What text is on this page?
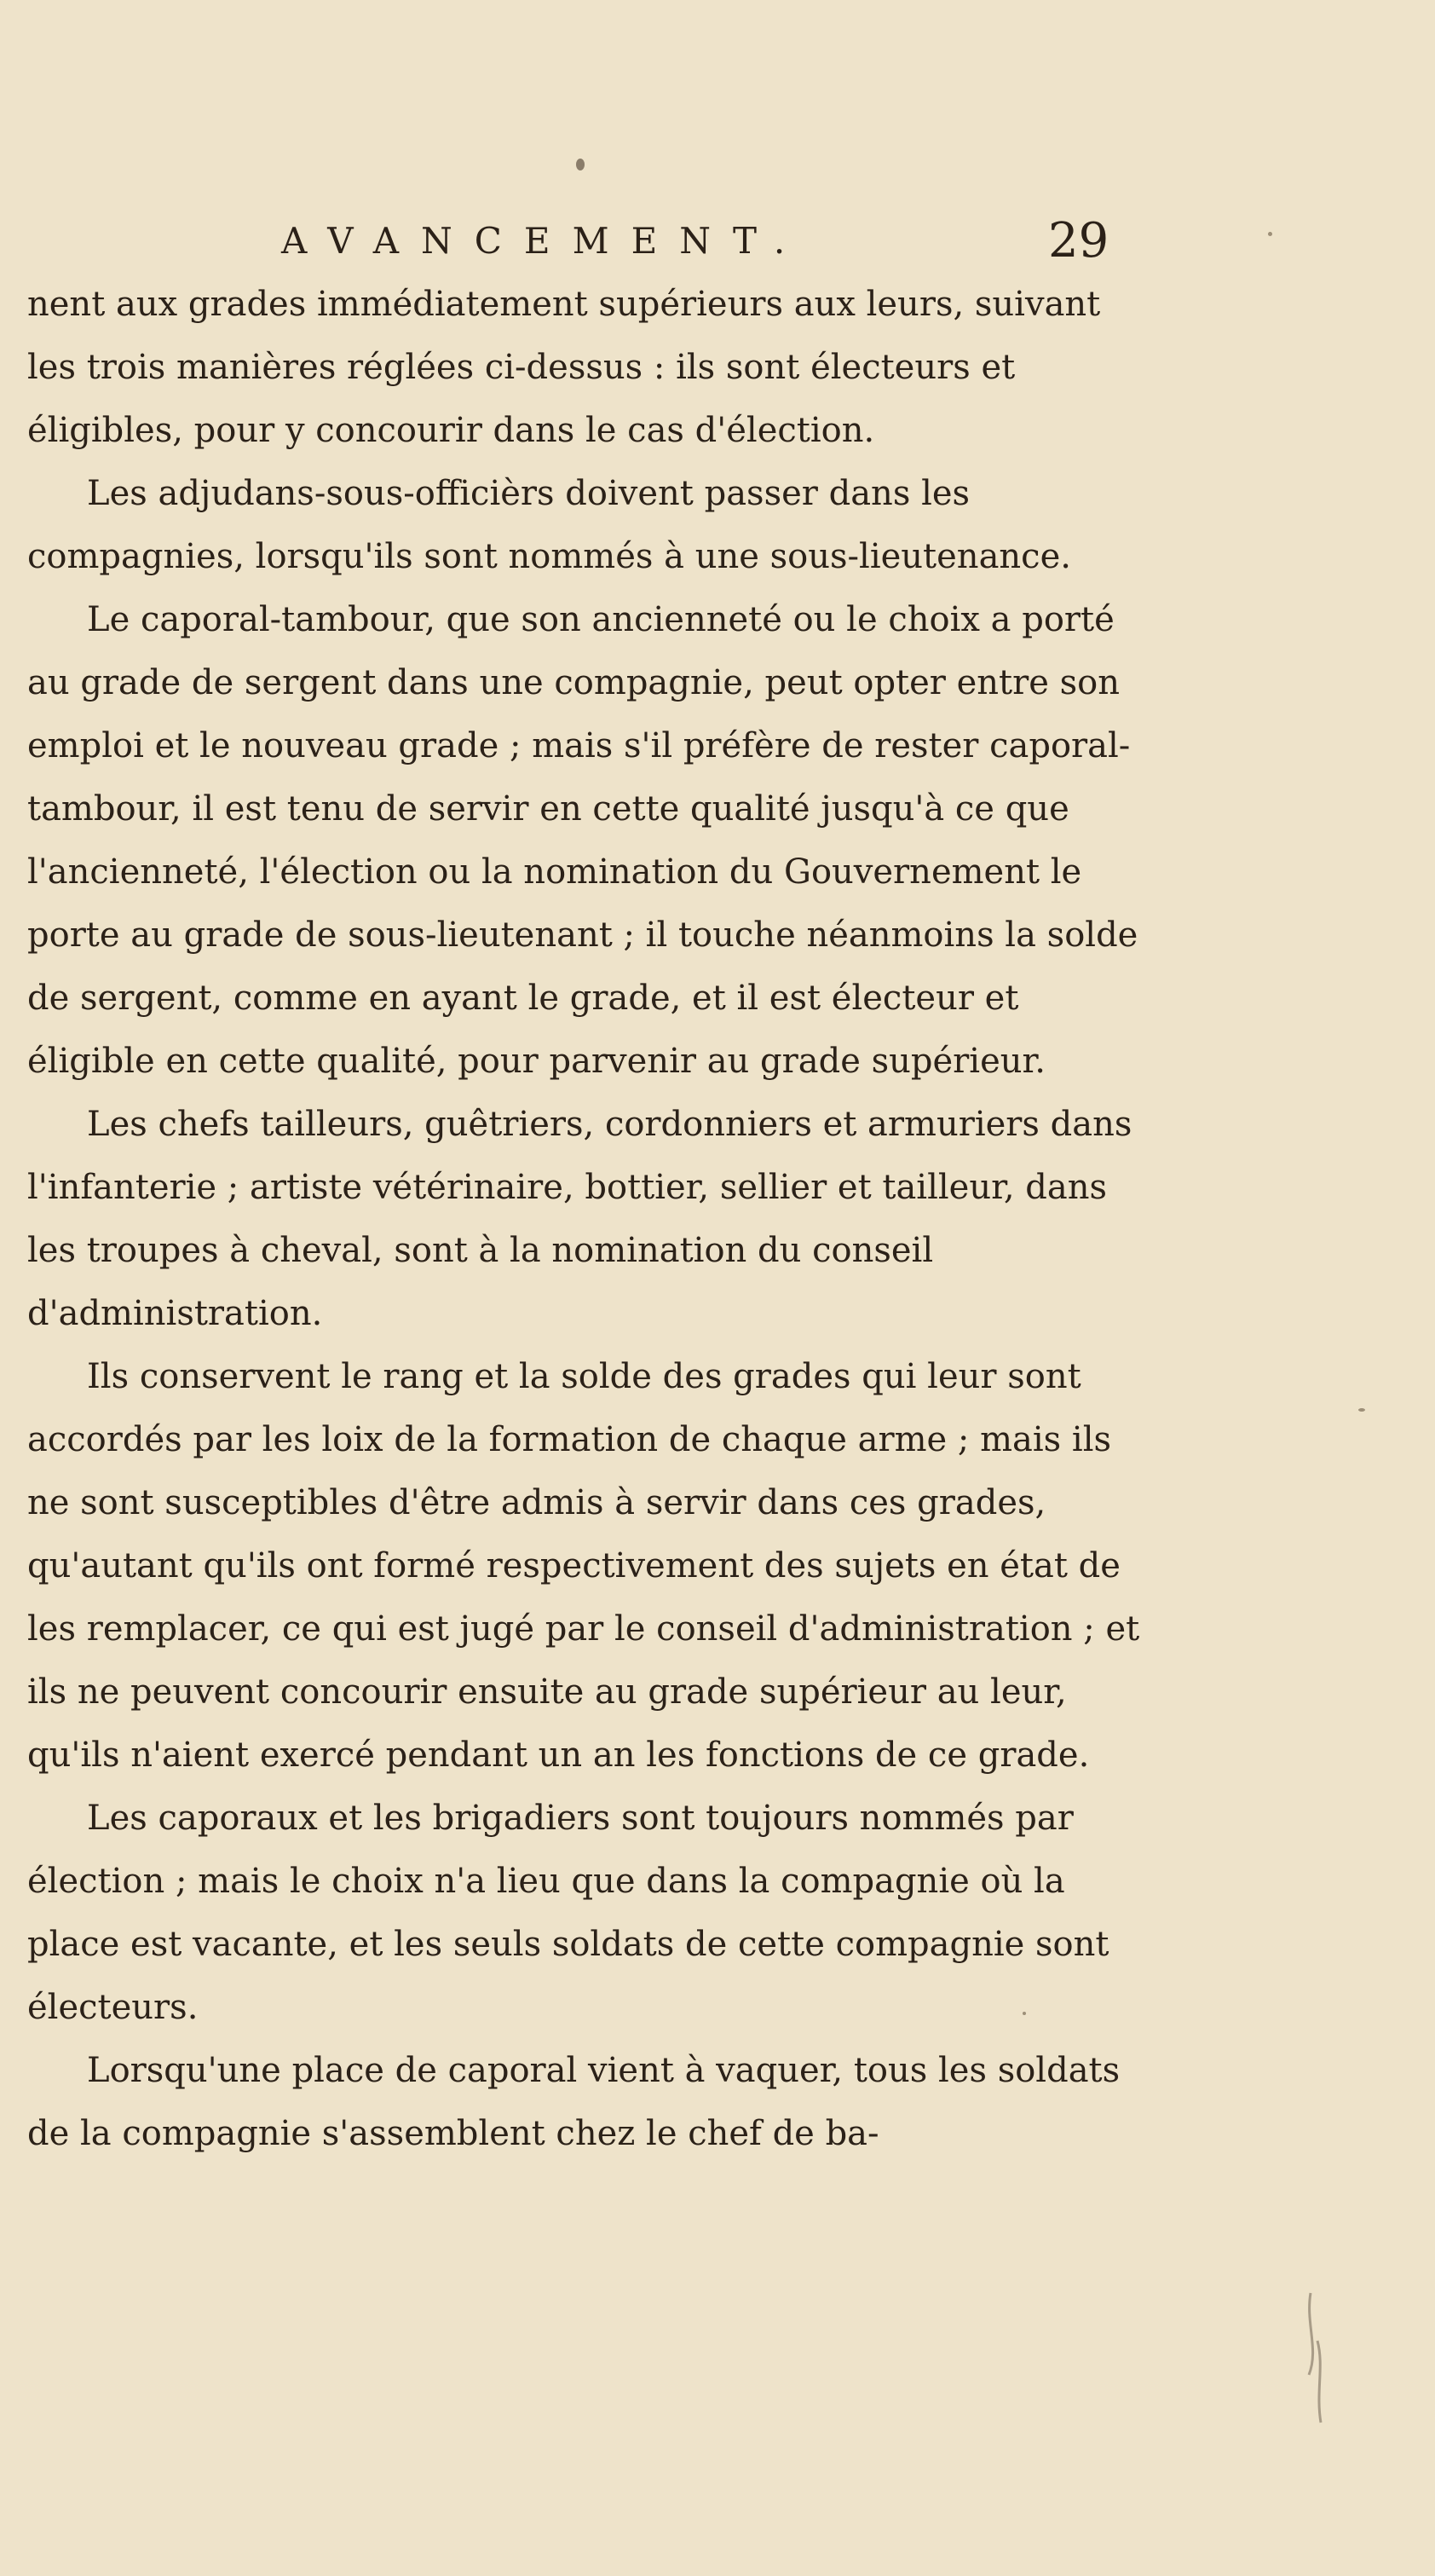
AVANCEMENT.	29

nent aux grades immédiatement supérieurs aux leurs, suivant les trois manières réglées ci-dessus : ils sont électeurs et éligibles, pour y concourir dans le cas d'élection.

Les adjudans-sous-officièrs doivent passer dans les compagnies, lorsqu'ils sont nommés à une sous-lieutenance.

Le caporal-tambour, que son ancienneté ou le choix a porté au grade de sergent dans une compagnie, peut opter entre son emploi et le nouveau grade ; mais s'il préfère de rester caporal-tambour, il est tenu de servir en cette qualité jusqu'à ce que l'ancienneté, l'élection ou la nomination du Gouvernement le porte au grade de sous-lieutenant ; il touche néanmoins la solde de sergent, comme en ayant le grade, et il est électeur et éligible en cette qualité, pour parvenir au grade supérieur.

Les chefs tailleurs, guêtriers, cordonniers et armuriers dans l'infanterie ; artiste vétérinaire, bottier, sellier et tailleur, dans les troupes à cheval, sont à la nomination du conseil d'administration.

Ils conservent le rang et la solde des grades qui leur sont accordés par les loix de la formation de chaque arme ; mais ils ne sont susceptibles d'être admis à servir dans ces grades, qu'autant qu'ils ont formé respectivement des sujets en état de les remplacer, ce qui est jugé par le conseil d'administration ; et ils ne peuvent concourir ensuite au grade supérieur au leur, qu'ils n'aient exercé pendant un an les fonctions de ce grade.

Les caporaux et les brigadiers sont toujours nommés par élection ; mais le choix n'a lieu que dans la compagnie où la place est vacante, et les seuls soldats de cette compagnie sont électeurs.

Lorsqu'une place de caporal vient à vaquer, tous les soldats de la compagnie s'assemblent chez le chef de ba-
